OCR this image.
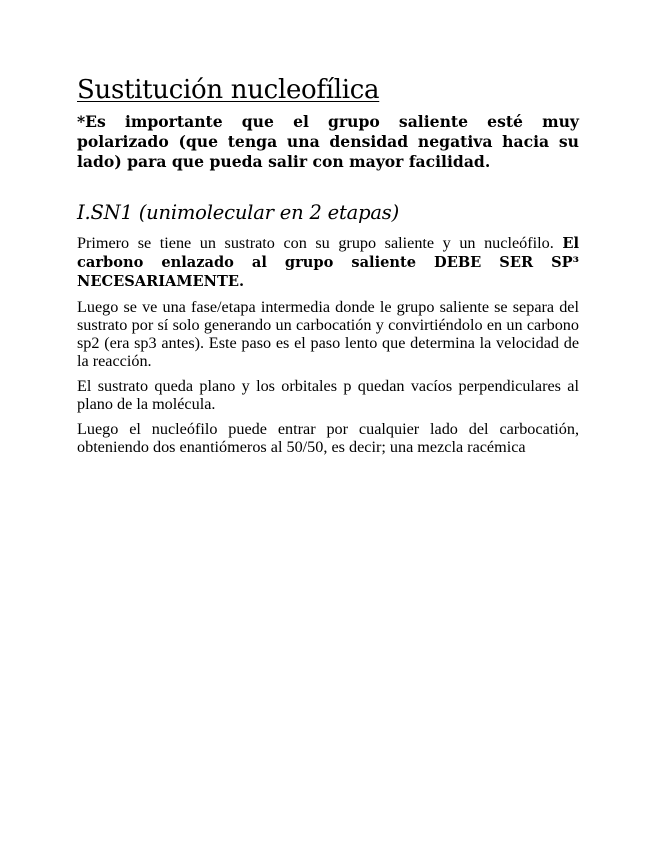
Sustitución nucleofílica

*Es importante que el grupo saliente esté muy polarizado (que tenga una densidad negativa hacia su lado) para que pueda salir con mayor facilidad.

I.SN1 (unimolecular en 2 etapas)

Primero se tiene un sustrato con su grupo saliente y un nucleófilo. El carbono enlazado al grupo saliente DEBE SER SP³ NECESARIAMENTE.

Luego se ve una fase/etapa intermedia donde le grupo saliente se separa del sustrato por sí solo generando un carbocatión y convirtiéndolo en un carbono sp2 (era sp3 antes). Este paso es el paso lento que determina la velocidad de la reacción.

El sustrato queda plano y los orbitales p quedan vacíos perpendiculares al plano de la molécula.

Luego el nucleófilo puede entrar por cualquier lado del carbocatión, obteniendo dos enantiómeros al 50/50, es decir; una mezcla racémica
